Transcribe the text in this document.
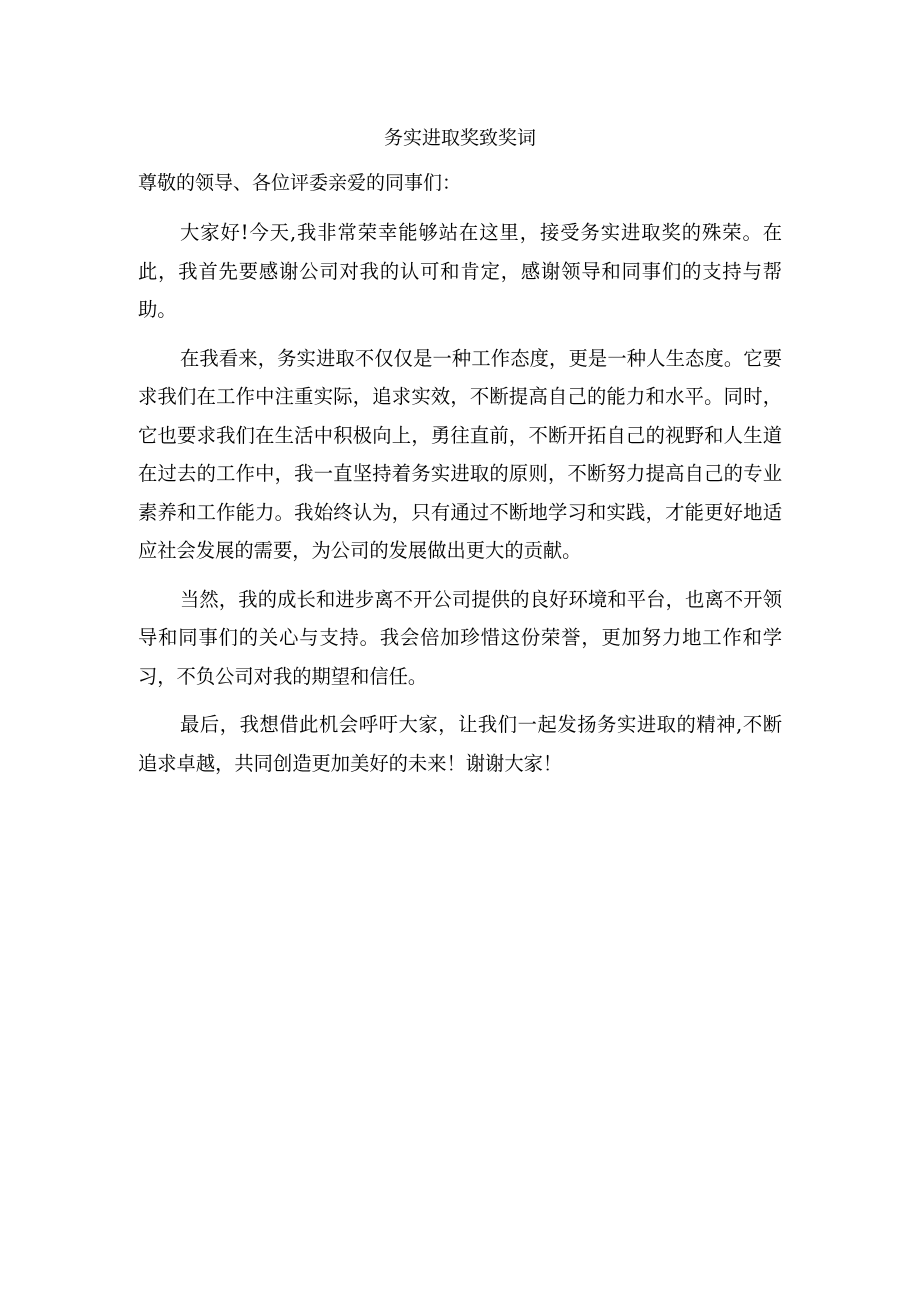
务实进取奖致奖词
尊敬的领导、各位评委亲爱的同事们：

大家好!今天,我非常荣幸能够站在这里，接受务实进取奖的殊荣。在此，我首先要感谢公司对我的认可和肯定，感谢领导和同事们的支持与帮助。

在我看来，务实进取不仅仅是一种工作态度，更是一种人生态度。它要求我们在工作中注重实际，追求实效，不断提高自己的能力和水平。同时，它也要求我们在生活中积极向上，勇往直前，不断开拓自己的视野和人生道在过去的工作中，我一直坚持着务实进取的原则，不断努力提高自己的专业素养和工作能力。我始终认为，只有通过不断地学习和实践，才能更好地适应社会发展的需要，为公司的发展做出更大的贡献。

当然，我的成长和进步离不开公司提供的良好环境和平台，也离不开领导和同事们的关心与支持。我会倍加珍惜这份荣誉，更加努力地工作和学习，不负公司对我的期望和信任。

最后，我想借此机会呼吁大家，让我们一起发扬务实进取的精神,不断追求卓越，共同创造更加美好的未来！谢谢大家！
